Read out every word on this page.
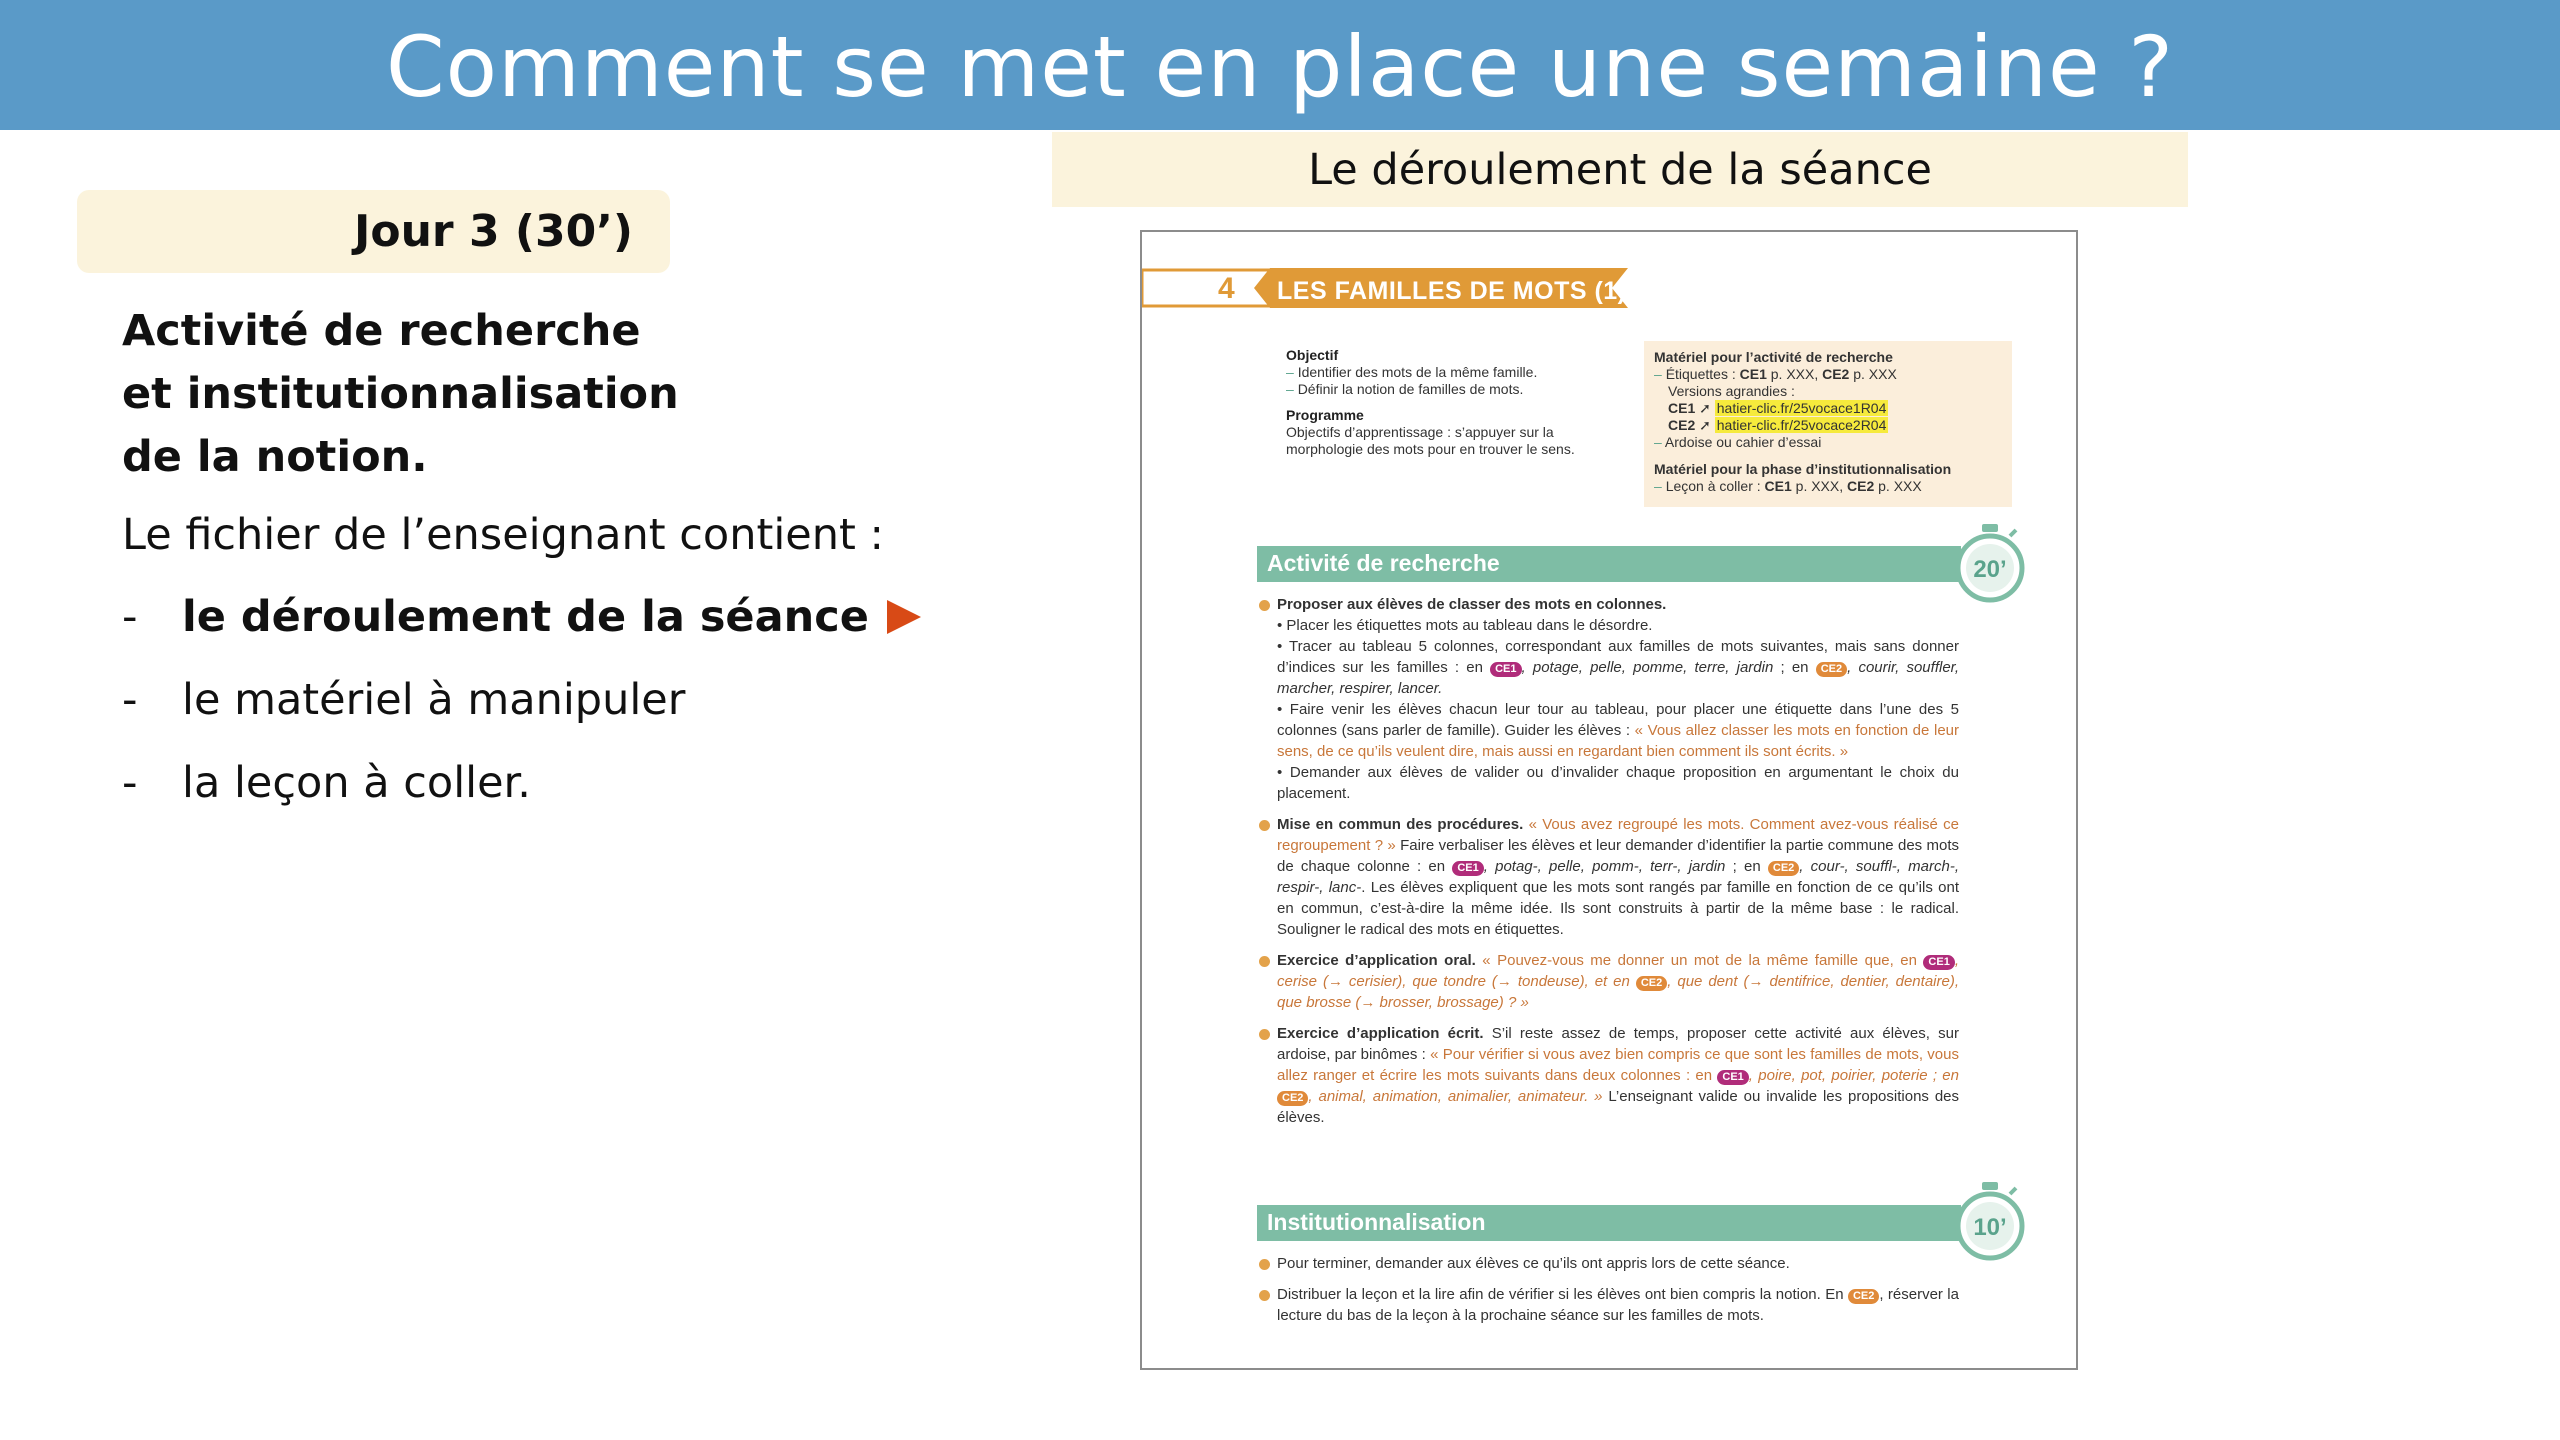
Comment se met en place une semaine ?
Jour 3 (30’)
Activité de recherche
et institutionnalisation
de la notion.
Le fichier de l’enseignant contient :
-	le déroulement de la séance
-	le matériel à manipuler
-	la leçon à coller.
Le déroulement de la séance
4 LES FAMILLES DE MOTS (1)
Objectif
– Identifier des mots de la même famille.
– Définir la notion de familles de mots.
Programme
Objectifs d’apprentissage : s’appuyer sur la morphologie des mots pour en trouver le sens.
Matériel pour l’activité de recherche
– Étiquettes : CE1 p. XXX, CE2 p. XXX
Versions agrandies :
CE1 ➚ hatier-clic.fr/25vocace1R04
CE2 ➚ hatier-clic.fr/25vocace2R04
– Ardoise ou cahier d’essai
Matériel pour la phase d’institutionnalisation
– Leçon à coller : CE1 p. XXX, CE2 p. XXX
Activité de recherche	20’

Proposer aux élèves de classer des mots en colonnes.
• Placer les étiquettes mots au tableau dans le désordre.
• Tracer au tableau 5 colonnes, correspondant aux familles de mots suivantes, mais sans donner d’indices sur les familles : en CE1 , potage, pelle, pomme, terre, jardin ; en CE2 , courir, souffler, marcher, respirer, lancer.
• Faire venir les élèves chacun leur tour au tableau, pour placer une étiquette dans l’une des 5 colonnes (sans parler de famille). Guider les élèves : « Vous allez classer les mots en fonction de leur sens, de ce qu’ils veulent dire, mais aussi en regardant bien comment ils sont écrits. »
• Demander aux élèves de valider ou d’invalider chaque proposition en argumentant le choix du placement.

Mise en commun des procédures. « Vous avez regroupé les mots. Comment avez-vous réalisé ce regroupement ? » Faire verbaliser les élèves et leur demander d’identifier la partie commune des mots de chaque colonne : en CE1 , potag-, pelle, pomm-, terr-, jardin ; en CE2 , cour-, souffl-, march-, respir-, lanc-. Les élèves expliquent que les mots sont rangés par famille en fonction de ce qu’ils ont en commun, c’est-à-dire la même idée. Ils sont construits à partir de la même base : le radical. Souligner le radical des mots en étiquettes.

Exercice d’application oral. « Pouvez-vous me donner un mot de la même famille que, en CE1 , cerise (→ cerisier), que tondre (→ tondeuse), et en CE2 , que dent (→ dentifrice, dentier, dentaire), que brosse (→ brosser, brossage) ? »

Exercice d’application écrit. S’il reste assez de temps, proposer cette activité aux élèves, sur ardoise, par binômes : « Pour vérifier si vous avez bien compris ce que sont les familles de mots, vous allez ranger et écrire les mots suivants dans deux colonnes : en CE1 , poire, pot, poirier, poterie ; en CE2 , animal, animation, animalier, animateur. » L’enseignant valide ou invalide les propositions des élèves.

Institutionnalisation	10’

Pour terminer, demander aux élèves ce qu’ils ont appris lors de cette séance.

Distribuer la leçon et la lire afin de vérifier si les élèves ont bien compris la notion. En CE2 , réserver la lecture du bas de la leçon à la prochaine séance sur les familles de mots.
